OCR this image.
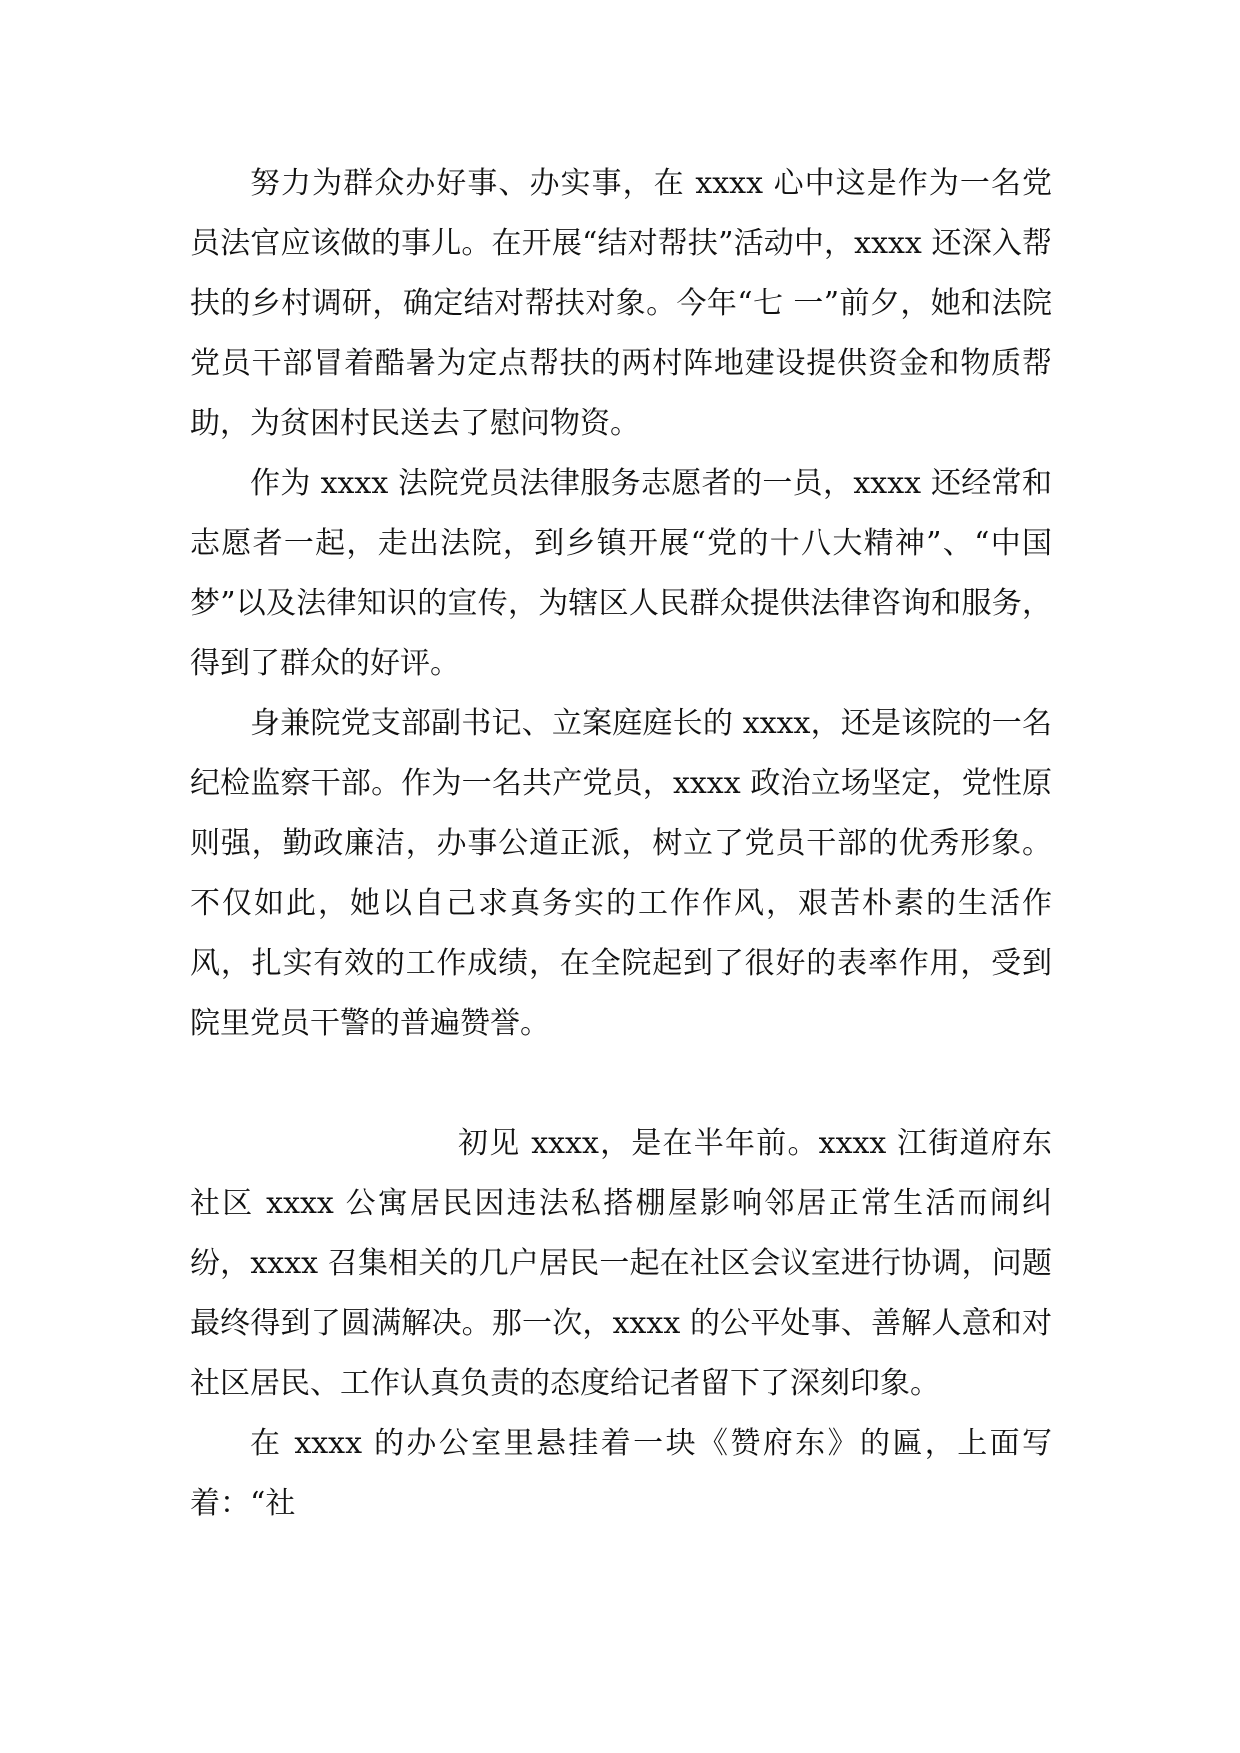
努力为群众办好事、办实事，在 xxxx 心中这是作为一名党员法官应该做的事儿。在开展“结对帮扶”活动中，xxxx 还深入帮扶的乡村调研，确定结对帮扶对象。今年“七 一”前夕，她和法院党员干部冒着酷暑为定点帮扶的两村阵地建设提供资金和物质帮助，为贫困村民送去了慰问物资。

作为 xxxx 法院党员法律服务志愿者的一员，xxxx 还经常和志愿者一起，走出法院，到乡镇开展“党的十八大精神”、“中国梦”以及法律知识的宣传，为辖区人民群众提供法律咨询和服务，得到了群众的好评。

身兼院党支部副书记、立案庭庭长的 xxxx，还是该院的一名纪检监察干部。作为一名共产党员，xxxx 政治立场坚定，党性原则强，勤政廉洁，办事公道正派，树立了党员干部的优秀形象。不仅如此，她以自己求真务实的工作作风，艰苦朴素的生活作风，扎实有效的工作成绩，在全院起到了很好的表率作用，受到院里党员干警的普遍赞誉。

初见 xxxx，是在半年前。xxxx 江街道府东社区 xxxx 公寓居民因违法私搭棚屋影响邻居正常生活而闹纠纷，xxxx 召集相关的几户居民一起在社区会议室进行协调，问题最终得到了圆满解决。那一次，xxxx 的公平处事、善解人意和对社区居民、工作认真负责的态度给记者留下了深刻印象。

在 xxxx 的办公室里悬挂着一块《赞府东》的匾，上面写着：“社
